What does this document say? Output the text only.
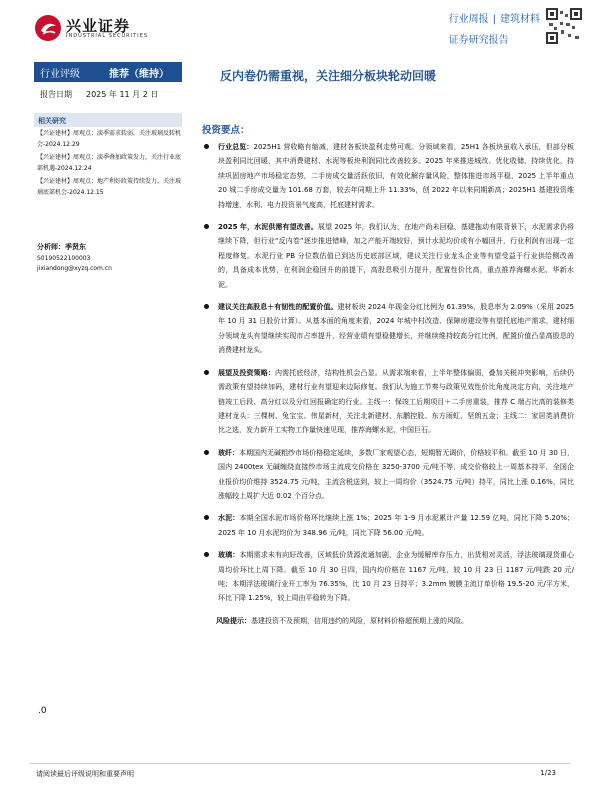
兴业证券
INDUSTRIAL SECURITIES
行业周报 | 建筑材料
证券研究报告
行业评级	推荐（维持）
报告日期 2025 年 11 月 2 日
反内卷仍需重视，关注细分板块轮动回暖
相关研究
【兴证建材】周观点：淡季需求转弱，关注玻璃反转机会-2024.12.29
【兴证建材】周观点：淡季叠加政策发力，关注行业底部机遇-2024.12.24
【兴证建材】周观点：地产利好政策持续发力，关注玻璃底部机会-2024.12.15
分析师：季贤东
S0190522100003
jixiandong@xyzq.com.cn
投资要点：
行业总览：2025H1 营收略有缩减，建材各板块盈利走势可观。分领域来看，25H1 各板块虽收入承压，但部分板块盈利同比回暖，其中消费建材、水泥等板块利润同比改善较多。2025 年来推进城改、优化收储、持续优化，持续巩固房地产市场稳定态势，二手房成交量活跃依旧，有效化解存量风险，整体推进市场平稳，2025 上半年重点 20 城二手房成交量为 101.68 万套，较去年同期上升 11.33%，创 2022 年以来同期新高；2025H1 基建投资维持增速，水利、电力投资景气度高，托底建材需求。
2025 年，水泥供需有望改善。展望 2025 年，我们认为，在地产尚未回稳、基建拖动有限背景下，水泥需求仍将继续下降，但行业“反内卷”逐步推进错峰，加之产能开端较好，预计水泥均价或有小幅回升，行业利润有出现一定程度修复。水泥行业 PB 分位数估值已到达历史底部区域，建议关注行业龙头企业等有望受益于行业供给侧改善的，具备成本优势，在利润企稳回升的前提下，高股息吸引力提升，配置性价比高，重点推荐海螺水泥、华新水泥。
建议关注高股息＋有韧性的配置价值。建材板块 2024 年现金分红比例为 61.39%，股息率为 2.09%（采用 2025 年 10 月 31 日股价计算）。从基本面的角度来看，2024 年城中村改造、保障房建设等有望托底地产需求，建材细分领域龙头有望继续实现市占率提升，经营业绩有望稳健增长，并继续维持较高分红比例，配置价值凸显高股息的消费建材龙头。
展望及投资策略：内需托底经济，结构性机会凸显。从需求端来看，上半年整体偏弱，叠加关税冲突影响，后续仍需政策有望持续加码，建材行业有望迎来边际修复。我们认为施工节奏与政策见效性价比角度决定方向，关注地产链竣工后段、高分红以及分红回报确定的行业。主线一：保竣工后期项目＋二手房重装，推荐 C 端占比高的装修类建材龙头：三棵树、兔宝宝、伟星新材，关注北新建材、东鹏控股、东方雨虹、坚朗五金；主线二：家居类消费价比之选，发力新开工实物工作量快速见现，推荐海螺水泥、中国巨石。
玻纤：本期国内无碱粗纱市场价格稳定延续，多数厂家观望心态，短期暂无调价，价格较平和。截至 10 月 30 日，国内 2400tex 无碱缠绕直接纱市场主流成交价格在 3250-3700 元/吨不等，成交价格较上一周基本持平，全国企业报价均价维持 3524.75 元/吨，主流含税送到，较上一周均价（3524.75 元/吨）持平，同比上涨 0.16%，同比涨幅较上周扩大近 0.02 个百分点。
水泥：本期全国水泥市场价格环比继续上涨 1%；2025 年 1-9 月水泥累计产量 12.59 亿吨，同比下降 5.20%；2025 年 10 月水泥均价为 348.96 元/吨，同比下降 56.00 元/吨。
玻璃：本期需求未有向好改善，区域低价货源流通加剧，企业为缓解库存压力，出货相对灵活，浮法玻璃现货重心周均价环比上周下降。截至 10 月 30 日四，国内均价格在 1167 元/吨，较 10 月 23 日 1187 元/吨跌 20 元/吨；本期浮法玻璃行业开工率为 76.35%，比 10 月 23 日持平；3.2mm 镀膜主流订单价格 19.5-20 元/平方米，环比下降 1.25%，较上周由平稳转为下降。
风险提示：基建投资不及预期，信用违约的风险，原材料价格超预期上涨的风险。
.0
请阅读最后评级说明和重要声明	1/23
